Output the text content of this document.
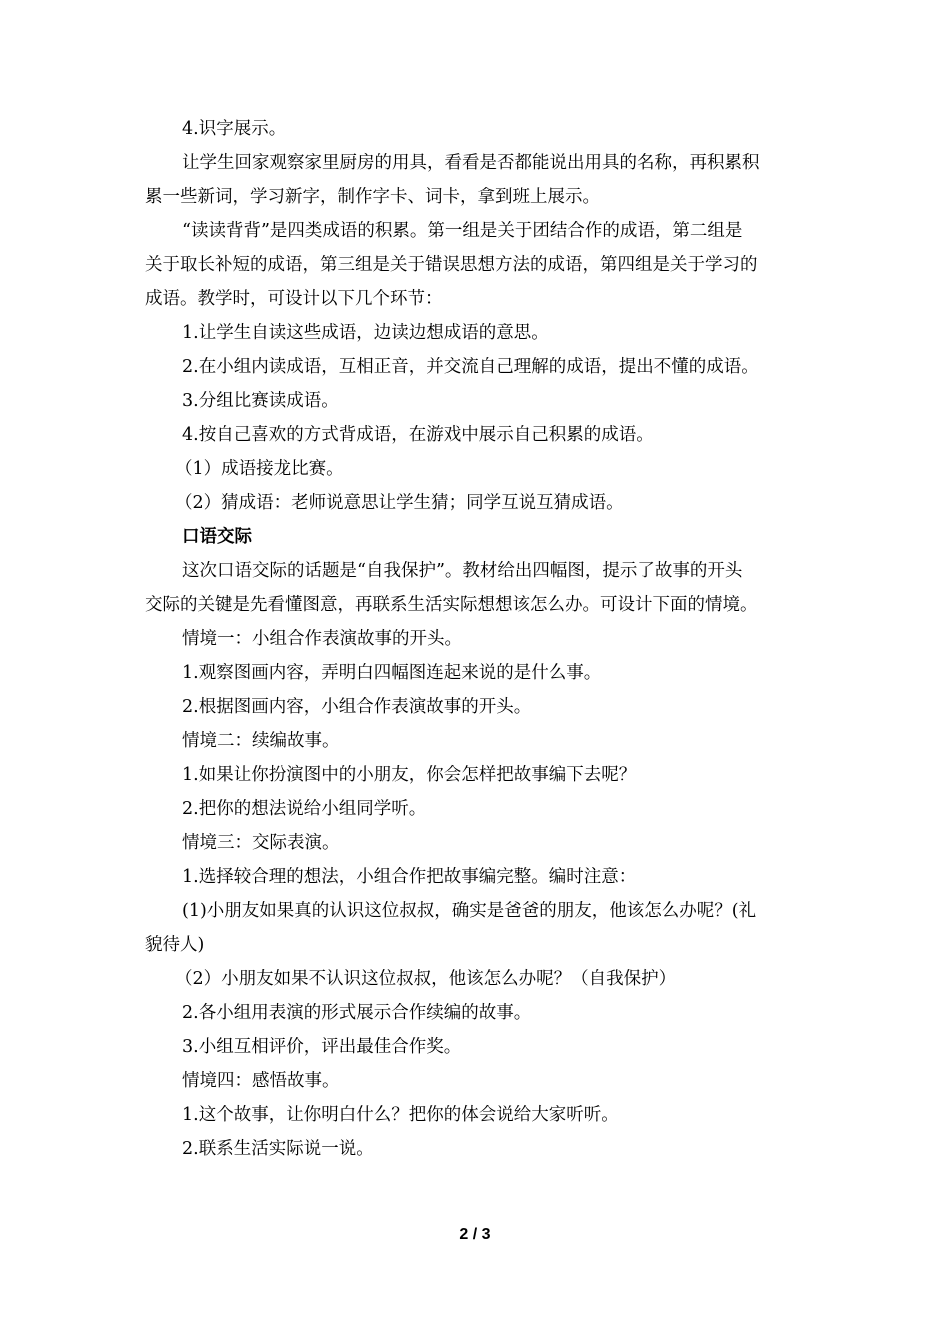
4.识字展示。
让学生回家观察家里厨房的用具，看看是否都能说出用具的名称，再积累积
累一些新词，学习新字，制作字卡、词卡，拿到班上展示。
“读读背背”是四类成语的积累。第一组是关于团结合作的成语，第二组是
关于取长补短的成语，第三组是关于错误思想方法的成语，第四组是关于学习的
成语。教学时，可设计以下几个环节：
1.让学生自读这些成语，边读边想成语的意思。
2.在小组内读成语，互相正音，并交流自己理解的成语，提出不懂的成语。
3.分组比赛读成语。
4.按自己喜欢的方式背成语，在游戏中展示自己积累的成语。
（1）成语接龙比赛。
（2）猜成语：老师说意思让学生猜；同学互说互猜成语。
口语交际
这次口语交际的话题是“自我保护”。教材给出四幅图，提示了故事的开头
交际的关键是先看懂图意，再联系生活实际想想该怎么办。可设计下面的情境。
情境一：小组合作表演故事的开头。
1.观察图画内容，弄明白四幅图连起来说的是什么事。
2.根据图画内容，小组合作表演故事的开头。
情境二：续编故事。
1.如果让你扮演图中的小朋友，你会怎样把故事编下去呢？
2.把你的想法说给小组同学听。
情境三：交际表演。
1.选择较合理的想法，小组合作把故事编完整。编时注意：
(1)小朋友如果真的认识这位叔叔，确实是爸爸的朋友，他该怎么办呢？(礼
貌待人)
（2）小朋友如果不认识这位叔叔，他该怎么办呢？（自我保护）
2.各小组用表演的形式展示合作续编的故事。
3.小组互相评价，评出最佳合作奖。
情境四：感悟故事。
1.这个故事，让你明白什么？把你的体会说给大家听听。
2.联系生活实际说一说。
2 / 3
